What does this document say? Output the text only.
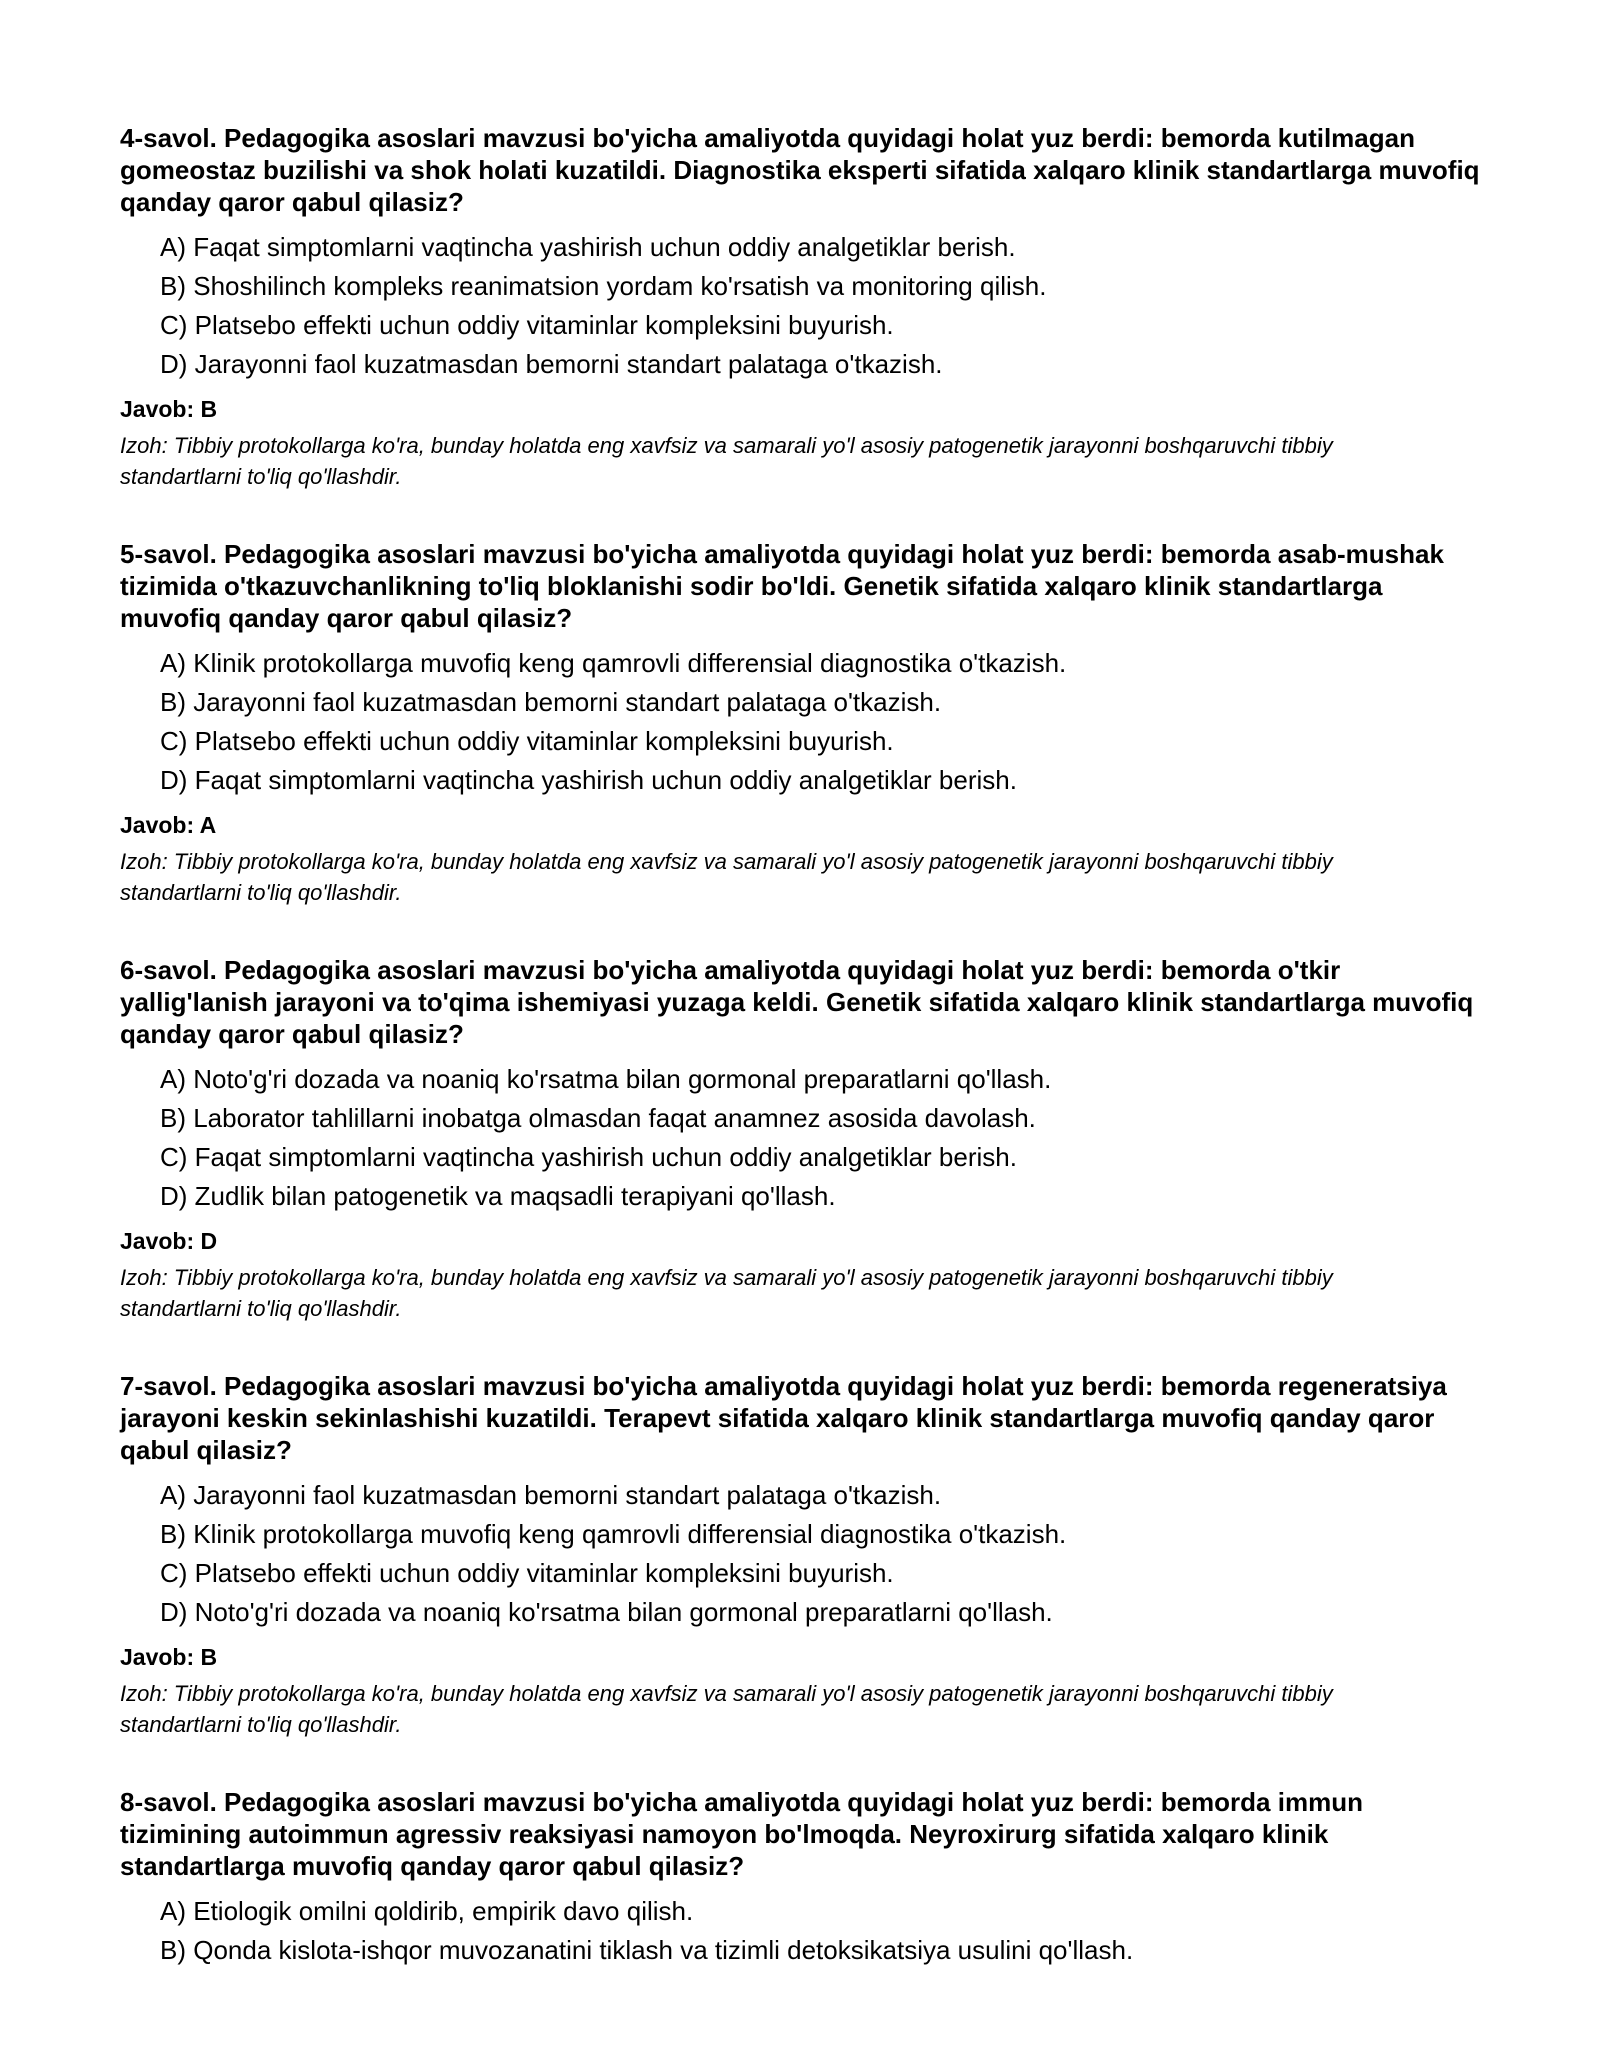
4-savol. Pedagogika asoslari mavzusi bo'yicha amaliyotda quyidagi holat yuz berdi: bemorda kutilmagan gomeostaz buzilishi va shok holati kuzatildi. Diagnostika eksperti sifatida xalqaro klinik standartlarga muvofiq qanday qaror qabul qilasiz?

A) Faqat simptomlarni vaqtincha yashirish uchun oddiy analgetiklar berish.
B) Shoshilinch kompleks reanimatsion yordam ko'rsatish va monitoring qilish.
C) Platsebo effekti uchun oddiy vitaminlar kompleksini buyurish.
D) Jarayonni faol kuzatmasdan bemorni standart palataga o'tkazish.

Javob: B

Izoh: Tibbiy protokollarga ko'ra, bunday holatda eng xavfsiz va samarali yo'l asosiy patogenetik jarayonni boshqaruvchi tibbiy standartlarni to'liq qo'llashdir.

5-savol. Pedagogika asoslari mavzusi bo'yicha amaliyotda quyidagi holat yuz berdi: bemorda asab-mushak tizimida o'tkazuvchanlikning to'liq bloklanishi sodir bo'ldi. Genetik sifatida xalqaro klinik standartlarga muvofiq qanday qaror qabul qilasiz?

A) Klinik protokollarga muvofiq keng qamrovli differensial diagnostika o'tkazish.
B) Jarayonni faol kuzatmasdan bemorni standart palataga o'tkazish.
C) Platsebo effekti uchun oddiy vitaminlar kompleksini buyurish.
D) Faqat simptomlarni vaqtincha yashirish uchun oddiy analgetiklar berish.

Javob: A

Izoh: Tibbiy protokollarga ko'ra, bunday holatda eng xavfsiz va samarali yo'l asosiy patogenetik jarayonni boshqaruvchi tibbiy standartlarni to'liq qo'llashdir.

6-savol. Pedagogika asoslari mavzusi bo'yicha amaliyotda quyidagi holat yuz berdi: bemorda o'tkir yallig'lanish jarayoni va to'qima ishemiyasi yuzaga keldi. Genetik sifatida xalqaro klinik standartlarga muvofiq qanday qaror qabul qilasiz?

A) Noto'g'ri dozada va noaniq ko'rsatma bilan gormonal preparatlarni qo'llash.
B) Laborator tahlillarni inobatga olmasdan faqat anamnez asosida davolash.
C) Faqat simptomlarni vaqtincha yashirish uchun oddiy analgetiklar berish.
D) Zudlik bilan patogenetik va maqsadli terapiyani qo'llash.

Javob: D

Izoh: Tibbiy protokollarga ko'ra, bunday holatda eng xavfsiz va samarali yo'l asosiy patogenetik jarayonni boshqaruvchi tibbiy standartlarni to'liq qo'llashdir.

7-savol. Pedagogika asoslari mavzusi bo'yicha amaliyotda quyidagi holat yuz berdi: bemorda regeneratsiya jarayoni keskin sekinlashishi kuzatildi. Terapevt sifatida xalqaro klinik standartlarga muvofiq qanday qaror qabul qilasiz?

A) Jarayonni faol kuzatmasdan bemorni standart palataga o'tkazish.
B) Klinik protokollarga muvofiq keng qamrovli differensial diagnostika o'tkazish.
C) Platsebo effekti uchun oddiy vitaminlar kompleksini buyurish.
D) Noto'g'ri dozada va noaniq ko'rsatma bilan gormonal preparatlarni qo'llash.

Javob: B

Izoh: Tibbiy protokollarga ko'ra, bunday holatda eng xavfsiz va samarali yo'l asosiy patogenetik jarayonni boshqaruvchi tibbiy standartlarni to'liq qo'llashdir.

8-savol. Pedagogika asoslari mavzusi bo'yicha amaliyotda quyidagi holat yuz berdi: bemorda immun tizimining autoimmun agressiv reaksiyasi namoyon bo'lmoqda. Neyroxirurg sifatida xalqaro klinik standartlarga muvofiq qanday qaror qabul qilasiz?

A) Etiologik omilni qoldirib, empirik davo qilish.
B) Qonda kislota-ishqor muvozanatini tiklash va tizimli detoksikatsiya usulini qo'llash.
